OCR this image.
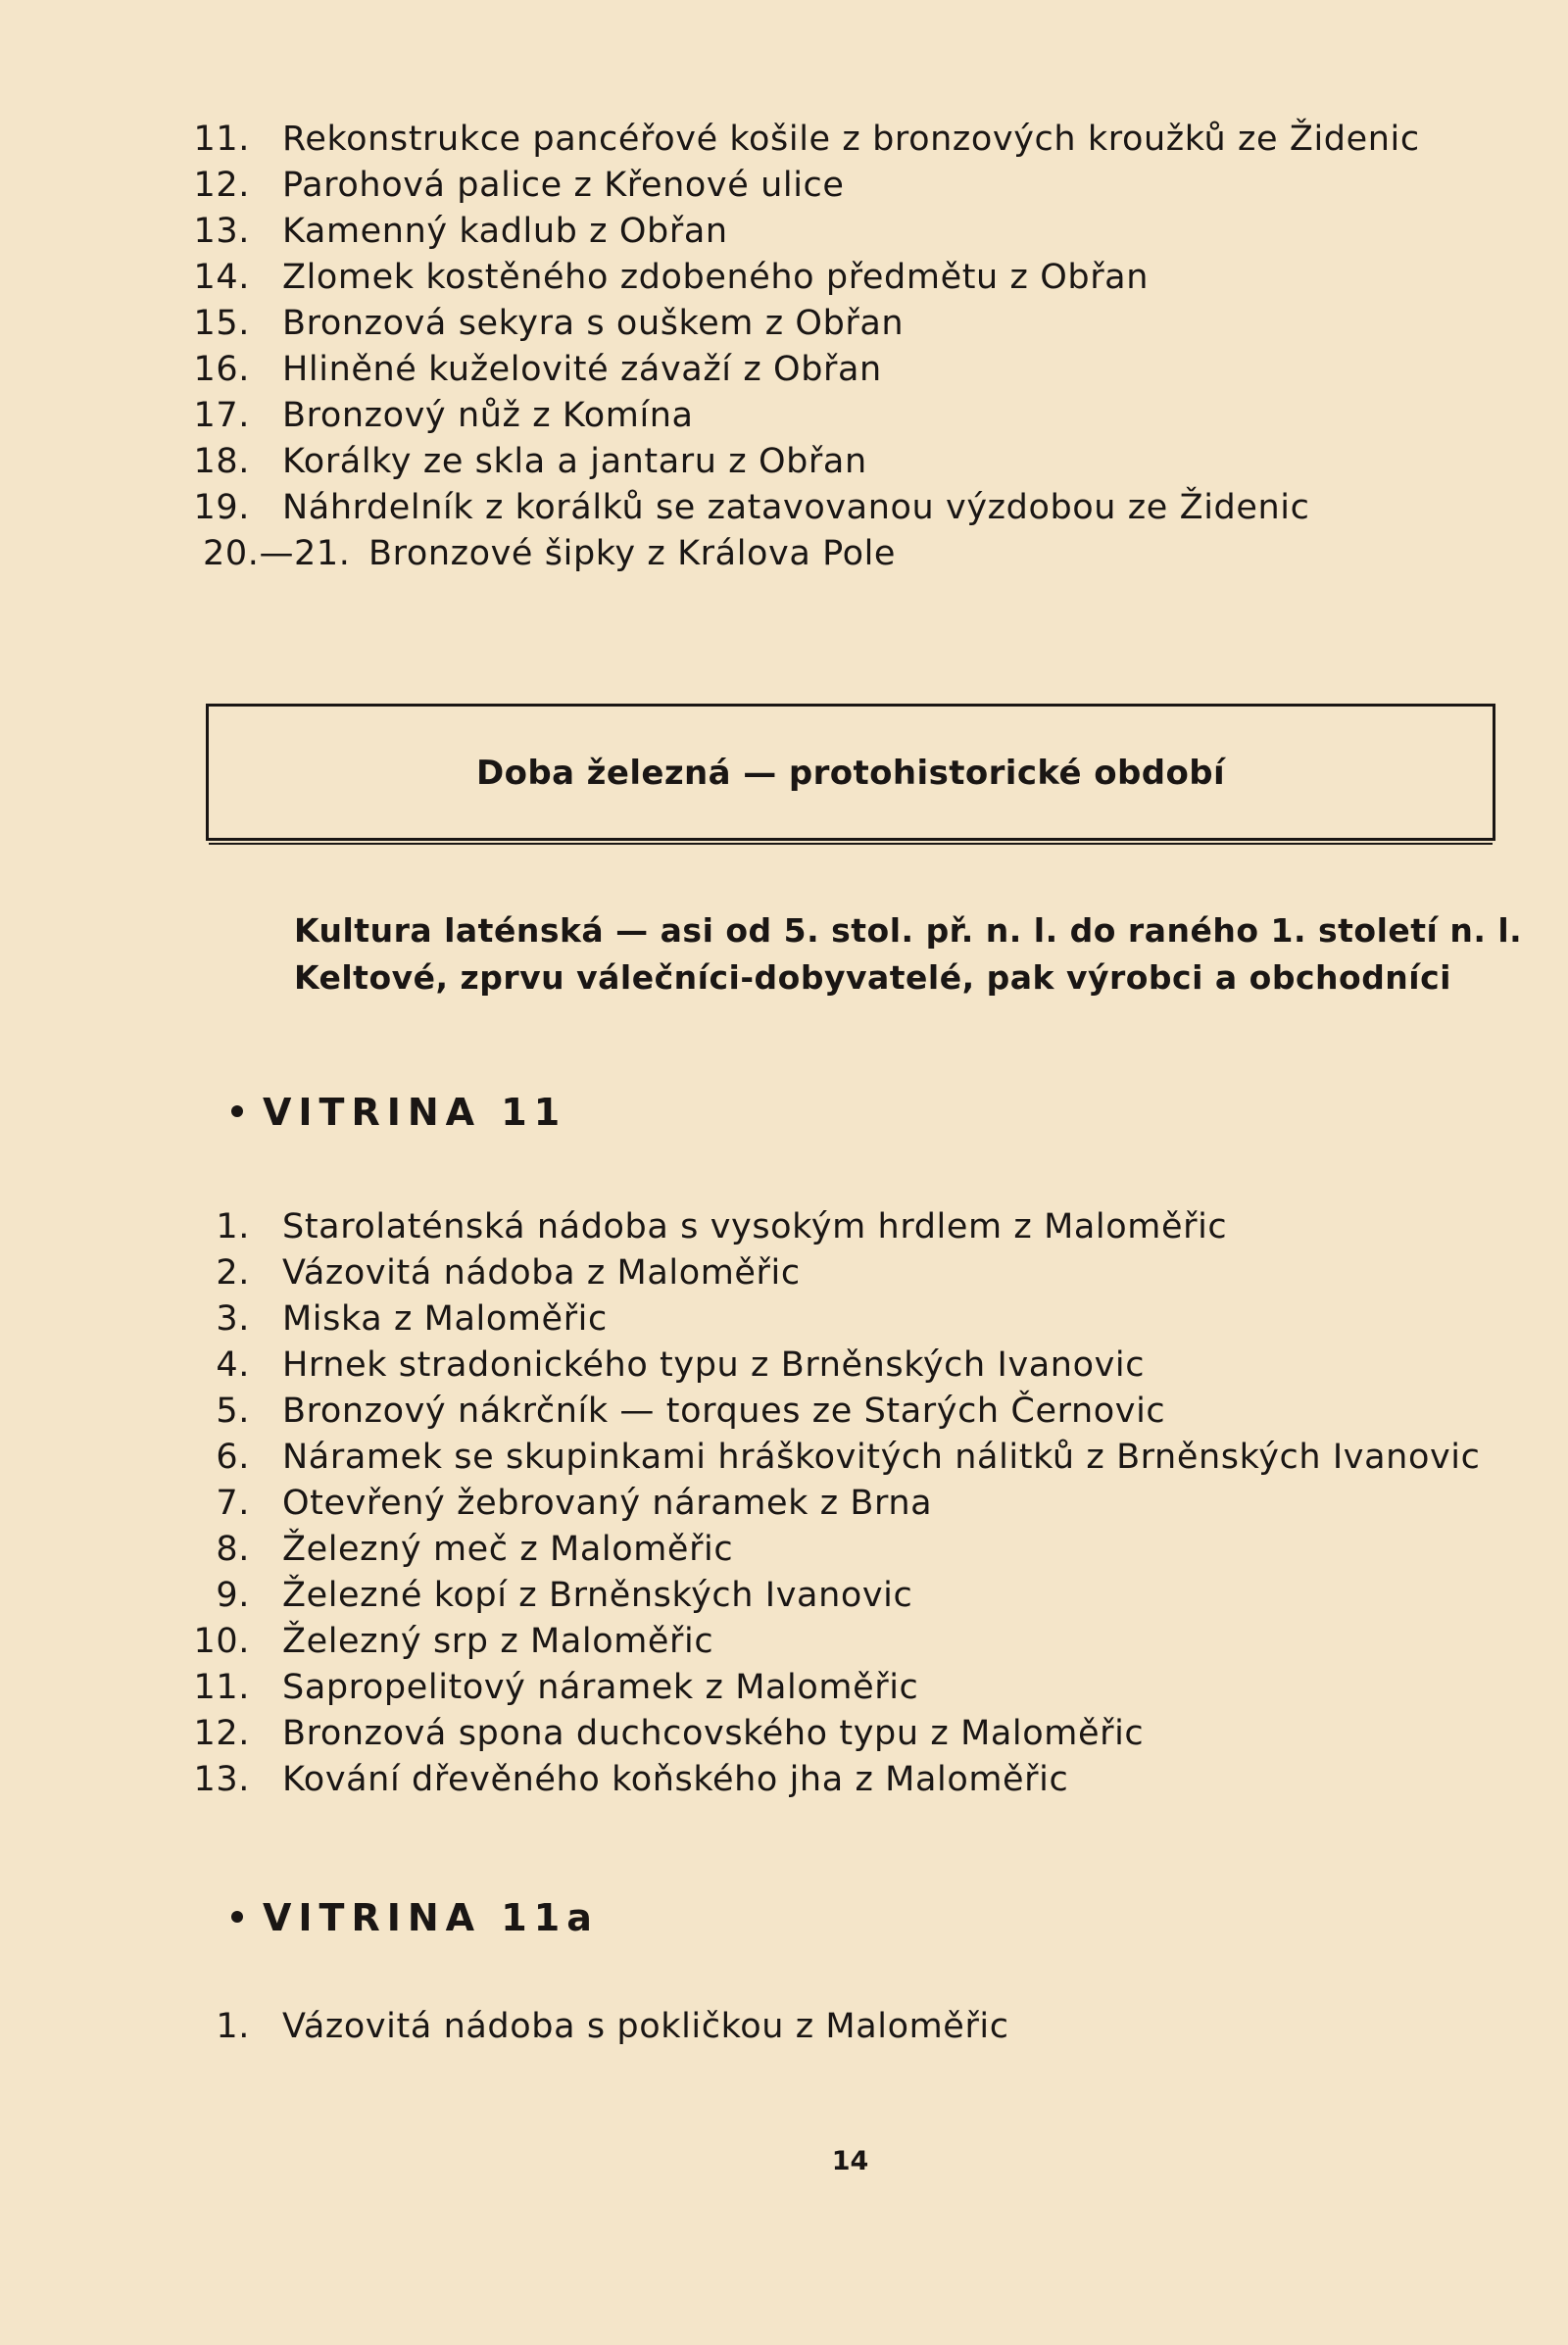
11. Rekonstrukce pancéřové košile z bronzových kroužků ze Židenic
12. Parohová palice z Křenové ulice
13. Kamenný kadlub z Obřan
14. Zlomek kostěného zdobeného předmětu z Obřan
15. Bronzová sekyra s ouškem z Obřan
16. Hliněné kuželovité závaží z Obřan
17. Bronzový nůž z Komína
18. Korálky ze skla a jantaru z Obřan
19. Náhrdelník z korálků se zatavovanou výzdobou ze Židenic
20.—21. Bronzové šipky z Králova Pole
Doba železná — protohistorické období
Kultura laténská — asi od 5. stol. př. n. l. do raného 1. století n. l.
Keltové, zprvu válečníci-dobyvatelé, pak výrobci a obchodníci
VITRINA 11
1. Starolaténská nádoba s vysokým hrdlem z Maloměřic
2. Vázovitá nádoba z Maloměřic
3. Miska z Maloměřic
4. Hrnek stradonického typu z Brněnských Ivanovic
5. Bronzový nákrčník — torques ze Starých Černovic
6. Náramek se skupinkami hráškovitých nálitků z Brněnských Ivanovic
7. Otevřený žebrovaný náramek z Brna
8. Železný meč z Maloměřic
9. Železné kopí z Brněnských Ivanovic
10. Železný srp z Maloměřic
11. Sapropelitový náramek z Maloměřic
12. Bronzová spona duchcovského typu z Maloměřic
13. Kování dřevěného koňského jha z Maloměřic
VITRINA 11a
1. Vázovitá nádoba s pokličkou z Maloměřic
14
